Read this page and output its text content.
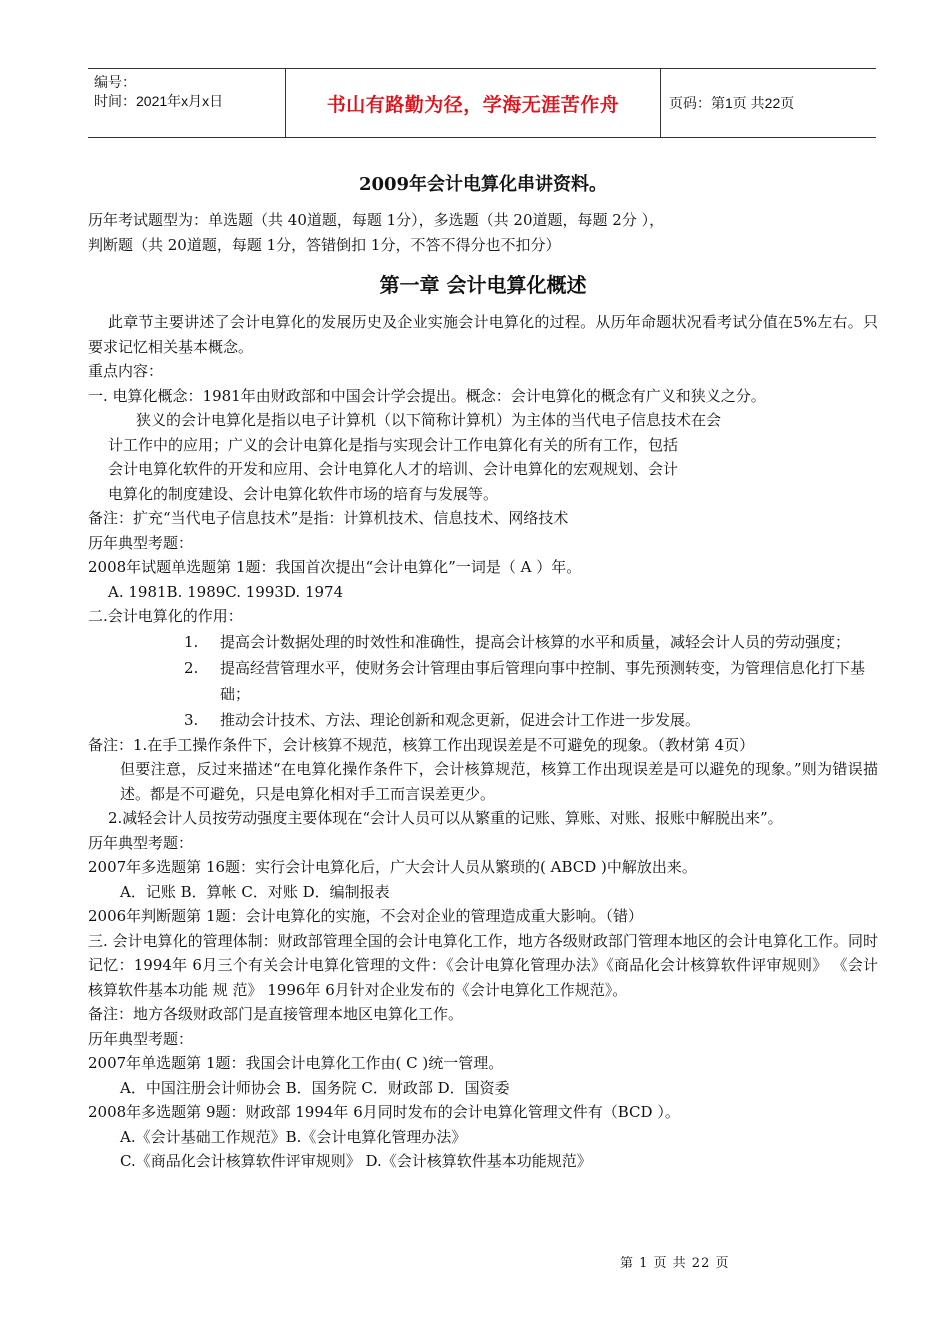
编号：
时间：2021年x月x日	书山有路勤为径，学海无涯苦作舟	页码：第1页 共22页
2009年会计电算化串讲资料。
历年考试题型为：单选题（共 40道题，每题 1分），多选题（共 20道题，每题 2分 ），
判断题（共 20道题，每题 1分，答错倒扣 1分，不答不得分也不扣分）
第一章 会计电算化概述
此章节主要讲述了会计电算化的发展历史及企业实施会计电算化的过程。从历年命题状况看考试分值在5%左右。只要求记忆相关基本概念。
重点内容：
一. 电算化概念：1981年由财政部和中国会计学会提出。概念：会计电算化的概念有广义和狭义之分。
狭义的会计电算化是指以电子计算机（以下简称计算机）为主体的当代电子信息技术在会
计工作中的应用；广义的会计电算化是指与实现会计工作电算化有关的所有工作，包括
会计电算化软件的开发和应用、会计电算化人才的培训、会计电算化的宏观规划、会计
电算化的制度建设、会计电算化软件市场的培育与发展等。
备注：扩充“当代电子信息技术”是指：计算机技术、信息技术、网络技术
历年典型考题：
2008年试题单选题第 1题：我国首次提出“会计电算化”一词是（ A ）年。
A. 1981B. 1989C. 1993D. 1974
二.会计电算化的作用：
1.	提高会计数据处理的时效性和准确性，提高会计核算的水平和质量，减轻会计人员的劳动强度；
2.	提高经营管理水平，使财务会计管理由事后管理向事中控制、事先预测转变，为管理信息化打下基础；
3.	推动会计技术、方法、理论创新和观念更新，促进会计工作进一步发展。
备注：1.在手工操作条件下，会计核算不规范，核算工作出现误差是不可避免的现象。（教材第 4页）
但要注意，反过来描述“在电算化操作条件下，会计核算规范，核算工作出现误差是可以避免的现象。”则为错误描述。都是不可避免，只是电算化相对手工而言误差更少。
2.减轻会计人员按劳动强度主要体现在“会计人员可以从繁重的记账、算账、对账、报账中解脱出来”。
历年典型考题：
2007年多选题第 16题：实行会计电算化后，广大会计人员从繁琐的( ABCD )中解放出来。
A．记账 B．算帐 C．对账 D．编制报表
2006年判断题第 1题：会计电算化的实施，不会对企业的管理造成重大影响。（错）
三. 会计电算化的管理体制：财政部管理全国的会计电算化工作，地方各级财政部门管理本地区的会计电算化工作。同时记忆：1994年 6月三个有关会计电算化管理的文件：《会计电算化管理办法》《商品化会计核算软件评审规则》 《会计核算软件基本功能 规 范》 1996年 6月针对企业发布的《会计电算化工作规范》。
备注：地方各级财政部门是直接管理本地区电算化工作。
历年典型考题：
2007年单选题第 1题：我国会计电算化工作由( C )统一管理。
A．中国注册会计师协会 B．国务院 C．财政部 D．国资委
2008年多选题第 9题：财政部 1994年 6月同时发布的会计电算化管理文件有（BCD ）。
A.《会计基础工作规范》B.《会计电算化管理办法》
C.《商品化会计核算软件评审规则》 D.《会计核算软件基本功能规范》
第 1 页 共 22 页
